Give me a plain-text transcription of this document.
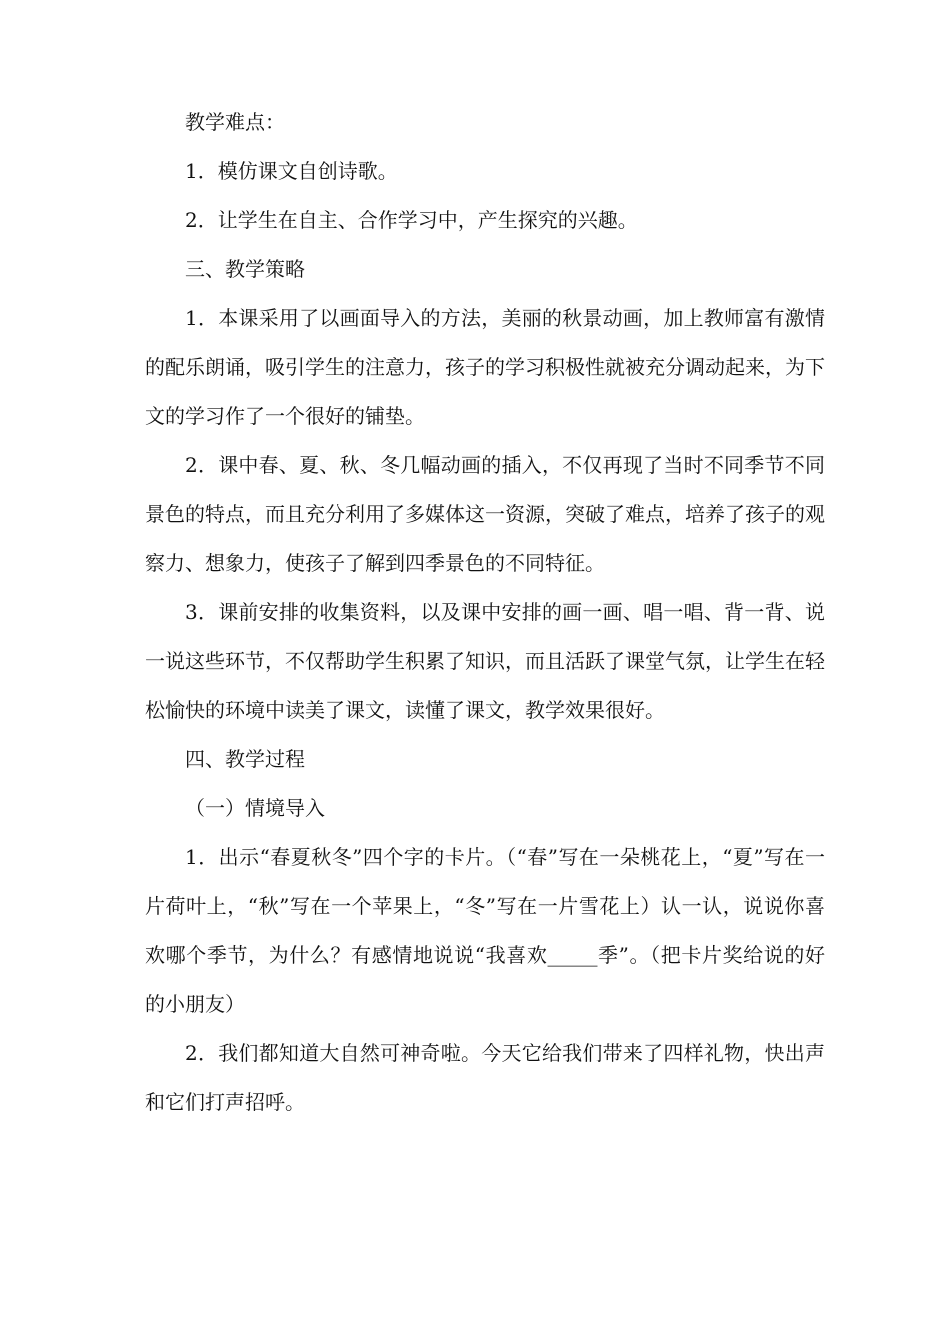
教学难点：

1．模仿课文自创诗歌。

2．让学生在自主、合作学习中，产生探究的兴趣。

三、教学策略

1．本课采用了以画面导入的方法，美丽的秋景动画，加上教师富有激情的配乐朗诵，吸引学生的注意力，孩子的学习积极性就被充分调动起来，为下文的学习作了一个很好的铺垫。

2．课中春、夏、秋、冬几幅动画的插入，不仅再现了当时不同季节不同景色的特点，而且充分利用了多媒体这一资源，突破了难点，培养了孩子的观察力、想象力，使孩子了解到四季景色的不同特征。

3．课前安排的收集资料，以及课中安排的画一画、唱一唱、背一背、说一说这些环节，不仅帮助学生积累了知识，而且活跃了课堂气氛，让学生在轻松愉快的环境中读美了课文，读懂了课文，教学效果很好。

四、教学过程

（一）情境导入

1．出示“春夏秋冬”四个字的卡片。（“春”写在一朵桃花上，“夏”写在一片荷叶上，“秋”写在一个苹果上，“冬”写在一片雪花上）认一认，说说你喜欢哪个季节，为什么？有感情地说说“我喜欢_____季”。（把卡片奖给说的好的小朋友）

2．我们都知道大自然可神奇啦。今天它给我们带来了四样礼物，快出声和它们打声招呼。
